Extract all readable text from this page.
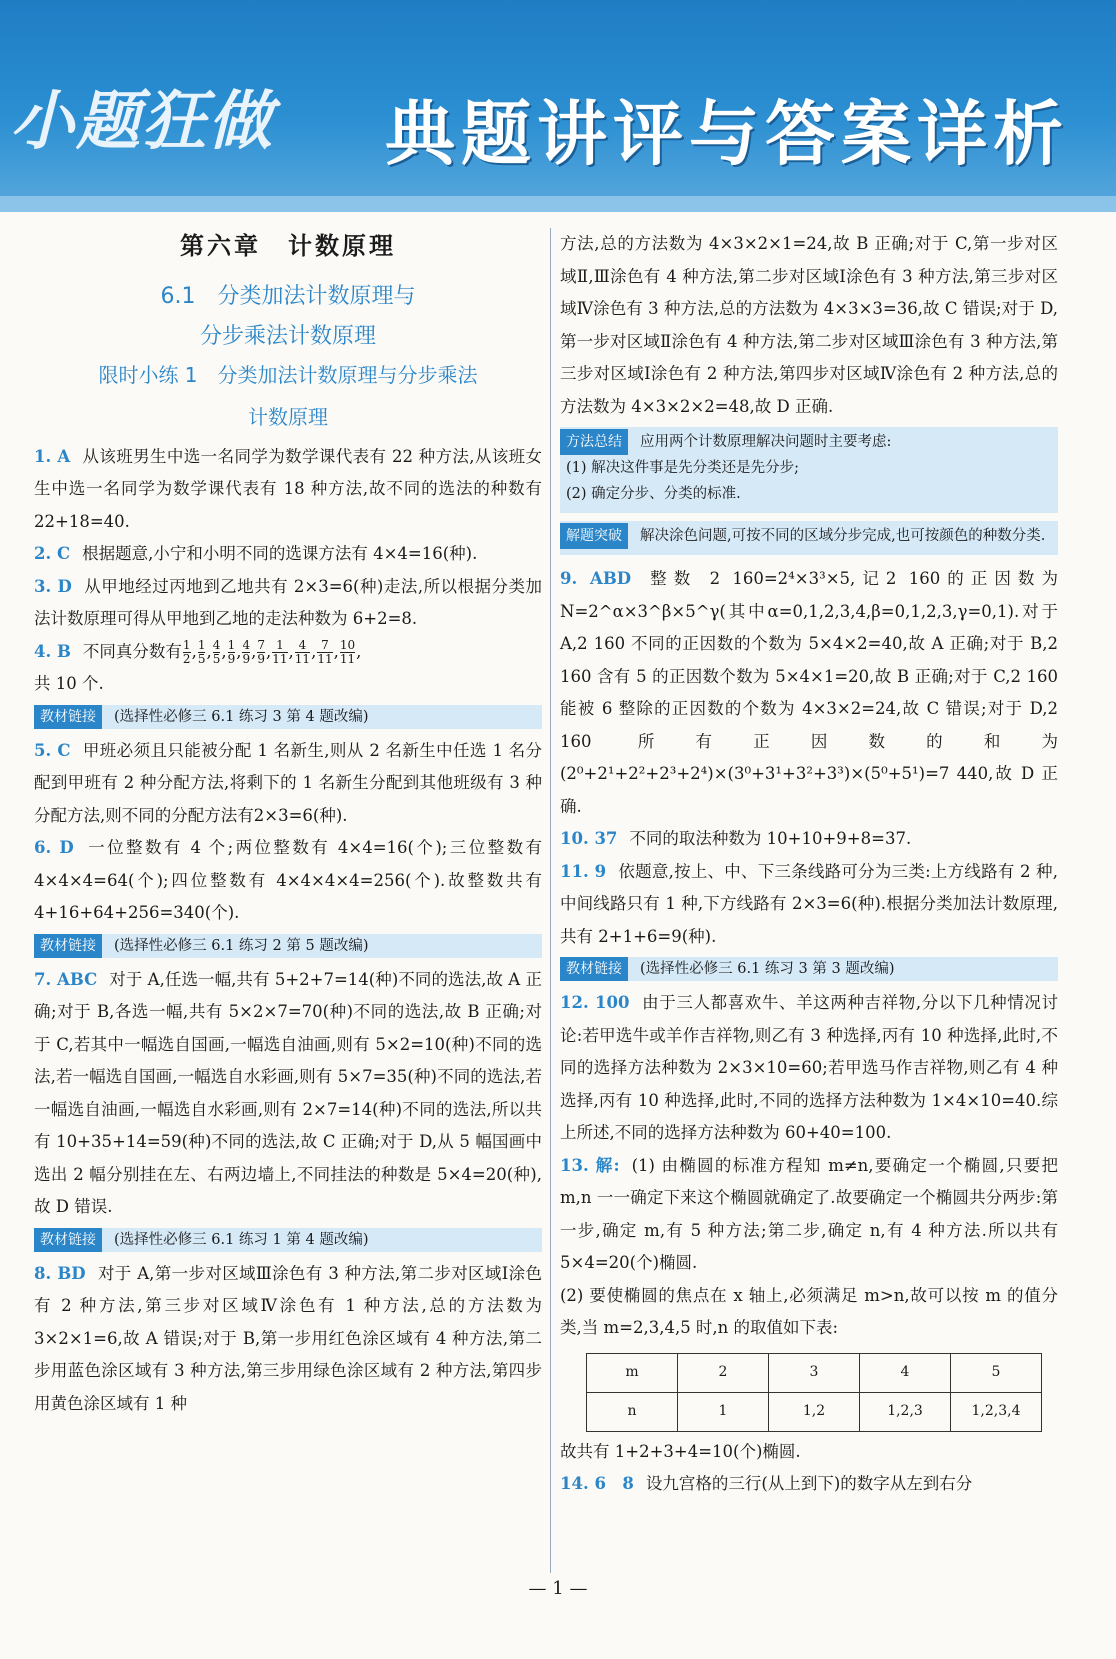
小题狂做 典题讲评与答案详析
第六章　计数原理
6.1　分类加法计数原理与
分步乘法计数原理
限时小练 1　分类加法计数原理与分步乘法
计数原理

1. A 从该班男生中选一名同学为数学课代表有 22 种方法,从该班女生中选一名同学为数学课代表有 18 种方法,故不同的选法的种数有 22+18=40.

2. C 根据题意,小宁和小明不同的选课方法有 4×4=16(种).

3. D 从甲地经过丙地到乙地共有 2×3=6(种)走法,所以根据分类加法计数原理可得从甲地到乙地的走法种数为 6+2=8.

4. B 不同真分数有 $\frac{1}{2}$ , $\frac{1}{5}$ , $\frac{4}{5}$ , $\frac{1}{9}$ , $\frac{4}{9}$ , $\frac{7}{9}$ , $\frac{1}{11}$ , $\frac{4}{11}$ , $\frac{7}{11}$ , $\frac{10}{11}$ ,
共 10 个.

教材链接 (选择性必修三 6.1 练习 3 第 4 题改编)

5. C 甲班必须且只能被分配 1 名新生,则从 2 名新生中任选 1 名分配到甲班有 2 种分配方法,将剩下的 1 名新生分配到其他班级有 3 种分配方法,则不同的分配方法有2×3=6(种).

6. D 一位整数有 4 个;两位整数有 4×4=16(个);三位整数有 4×4×4=64(个);四位整数有 4×4×4×4=256(个).故整数共有 4+16+64+256=340(个).

教材链接 (选择性必修三 6.1 练习 2 第 5 题改编)

7. ABC 对于 A,任选一幅,共有 5+2+7=14(种)不同的选法,故 A 正确;对于 B,各选一幅,共有 5×2×7=70(种)不同的选法,故 B 正确;对于 C,若其中一幅选自国画,一幅选自油画,则有 5×2=10(种)不同的选法,若一幅选自国画,一幅选自水彩画,则有 5×7=35(种)不同的选法,若一幅选自油画,一幅选自水彩画,则有 2×7=14(种)不同的选法,所以共有 10+35+14=59(种)不同的选法,故 C 正确;对于 D,从 5 幅国画中选出 2 幅分别挂在左、右两边墙上,不同挂法的种数是 5×4=20(种),故 D 错误.

教材链接 (选择性必修三 6.1 练习 1 第 4 题改编)

8. BD 对于 A,第一步对区域Ⅲ涂色有 3 种方法,第二步对区域Ⅰ涂色有 2 种方法,第三步对区域Ⅳ涂色有 1 种方法,总的方法数为 3×2×1=6,故 A 错误;对于 B,第一步用红色涂区域有 4 种方法,第二步用蓝色涂区域有 3 种方法,第三步用绿色涂区域有 2 种方法,第四步用黄色涂区域有 1 种

方法,总的方法数为 4×3×2×1=24,故 B 正确;对于 C,第一步对区域Ⅱ,Ⅲ涂色有 4 种方法,第二步对区域Ⅰ涂色有 3 种方法,第三步对区域Ⅳ涂色有 3 种方法,总的方法数为 4×3×3=36,故 C 错误;对于 D,第一步对区域Ⅱ涂色有 4 种方法,第二步对区域Ⅲ涂色有 3 种方法,第三步对区域Ⅰ涂色有 2 种方法,第四步对区域Ⅳ涂色有 2 种方法,总的方法数为 4×3×2×2=48,故 D 正确.

方法总结 应用两个计数原理解决问题时主要考虑:
(1) 解决这件事是先分类还是先分步;
(2) 确定分步、分类的标准.
解题突破 解决涂色问题,可按不同的区域分步完成,也可按颜色的种数分类.

9. ABD 整数 2 160=2⁴×3³×5,记2 160的正因数为N=2^α×3^β×5^γ(其中α=0,1,2,3,4,β=0,1,2,3,γ=0,1).对于 A,2 160 不同的正因数的个数为 5×4×2=40,故 A 正确;对于 B,2 160 含有 5 的正因数个数为 5×4×1=20,故 B 正确;对于 C,2 160 能被 6 整除的正因数的个数为 4×3×2=24,故 C 错误;对于 D,2 160 所有正因数的和为(2⁰+2¹+2²+2³+2⁴)×(3⁰+3¹+3²+3³)×(5⁰+5¹)=7 440,故 D 正确.

10. 37 不同的取法种数为 10+10+9+8=37.

11. 9 依题意,按上、中、下三条线路可分为三类:上方线路有 2 种,中间线路只有 1 种,下方线路有 2×3=6(种).根据分类加法计数原理,共有 2+1+6=9(种).

教材链接 (选择性必修三 6.1 练习 3 第 3 题改编)

12. 100 由于三人都喜欢牛、羊这两种吉祥物,分以下几种情况讨论:若甲选牛或羊作吉祥物,则乙有 3 种选择,丙有 10 种选择,此时,不同的选择方法种数为 2×3×10=60;若甲选马作吉祥物,则乙有 4 种选择,丙有 10 种选择,此时,不同的选择方法种数为 1×4×10=40.综上所述,不同的选择方法种数为 60+40=100.

13. 解: (1) 由椭圆的标准方程知 m≠n,要确定一个椭圆,只要把 m,n 一一确定下来这个椭圆就确定了.故要确定一个椭圆共分两步:第一步,确定 m,有 5 种方法;第二步,确定 n,有 4 种方法.所以共有 5×4=20(个)椭圆.

(2) 要使椭圆的焦点在 x 轴上,必须满足 m>n,故可以按 m 的值分类,当 m=2,3,4,5 时,n 的取值如下表:

m	2	3	4	5
n	1	1,2	1,2,3	1,2,3,4

故共有 1+2+3+4=10(个)椭圆.

14. 6　8 设九宫格的三行(从上到下)的数字从左到右分

— 1 —
